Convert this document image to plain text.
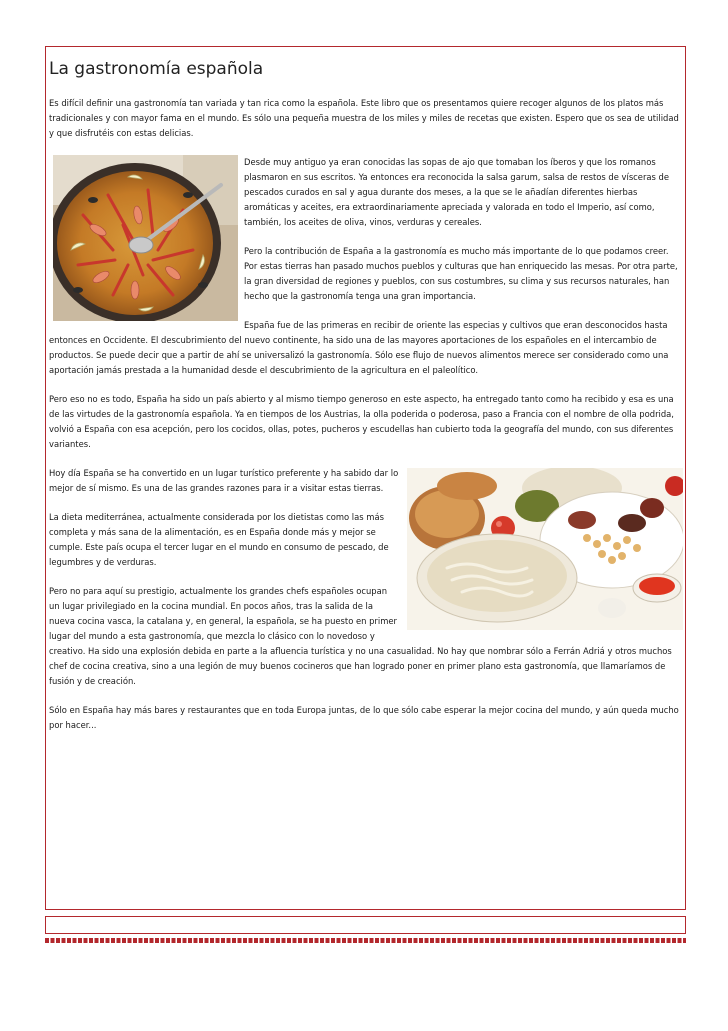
La gastronomía española

Es difícil definir una gastronomía tan variada y tan rica como la española. Este libro que os presentamos quiere recoger algunos de los platos más tradicionales y con mayor fama en el mundo. Es sólo una pequeña muestra de los miles y miles de recetas que existen. Espero que os sea de utilidad y que disfrutéis con estas delicias.

Desde muy antiguo ya eran conocidas las sopas de ajo que tomaban los íberos y que los romanos plasmaron en sus escritos. Ya entonces era reconocida la salsa garum, salsa de restos de vísceras de pescados curados en sal y agua durante dos meses, a la que se le añadían diferentes hierbas aromáticas y aceites, era extraordinariamente apreciada y valorada en todo el Imperio, así como, también, los aceites de oliva, vinos, verduras y cereales.

Pero la contribución de España a la gastronomía es mucho más importante de lo que podamos creer. Por estas tierras han pasado muchos pueblos y culturas que han enriquecido las mesas. Por otra parte, la gran diversidad de regiones y pueblos, con sus costumbres, su clima y sus recursos naturales, han hecho que la gastronomía tenga una gran importancia.

España fue de las primeras en recibir de oriente las especias y cultivos que eran desconocidos hasta entonces en Occidente. El descubrimiento del nuevo continente, ha sido una de las mayores aportaciones de los españoles en el intercambio de productos. Se puede decir que a partir de ahí se universalizó la gastronomía. Sólo ese flujo de nuevos alimentos merece ser considerado como una aportación jamás prestada a la humanidad desde el descubrimiento de la agricultura en el paleolítico.

Pero eso no es todo, España ha sido un país abierto y al mismo tiempo generoso en este aspecto, ha entregado tanto como ha recibido y esa es una de las virtudes de la gastronomía española. Ya en tiempos de los Austrias, la olla poderida o poderosa, paso a Francia con el nombre de olla podrida, volvió a España con esa acepción, pero los cocidos, ollas, potes, pucheros y escudellas han cubierto toda la geografía del mundo, con sus diferentes variantes.

Hoy día España se ha convertido en un lugar turístico preferente y ha sabido dar lo mejor de sí mismo. Es una de las grandes razones para ir a visitar estas tierras.

La dieta mediterránea, actualmente considerada por los dietistas como las más completa y más sana de la alimentación, es en España donde más y mejor se cumple. Este país ocupa el tercer lugar en el mundo en consumo de pescado, de legumbres y de verduras.

Pero no para aquí su prestigio, actualmente los grandes chefs españoles ocupan un lugar privilegiado en la cocina mundial. En pocos años, tras la salida de la nueva cocina vasca, la catalana y, en general, la española, se ha puesto en primer lugar del mundo a esta gastronomía, que mezcla lo clásico con lo novedoso y creativo. Ha sido una explosión debida en parte a la afluencia turística y no una casualidad. No hay que nombrar sólo a Ferrán Adriá y otros muchos chef de cocina creativa, sino a una legión de muy buenos cocineros que han logrado poner en primer plano esta gastronomía, que llamaríamos de fusión y de creación.

Sólo en España hay más bares y restaurantes que en toda Europa juntas, de lo que sólo cabe esperar la mejor cocina del mundo, y aún queda mucho por hacer...
